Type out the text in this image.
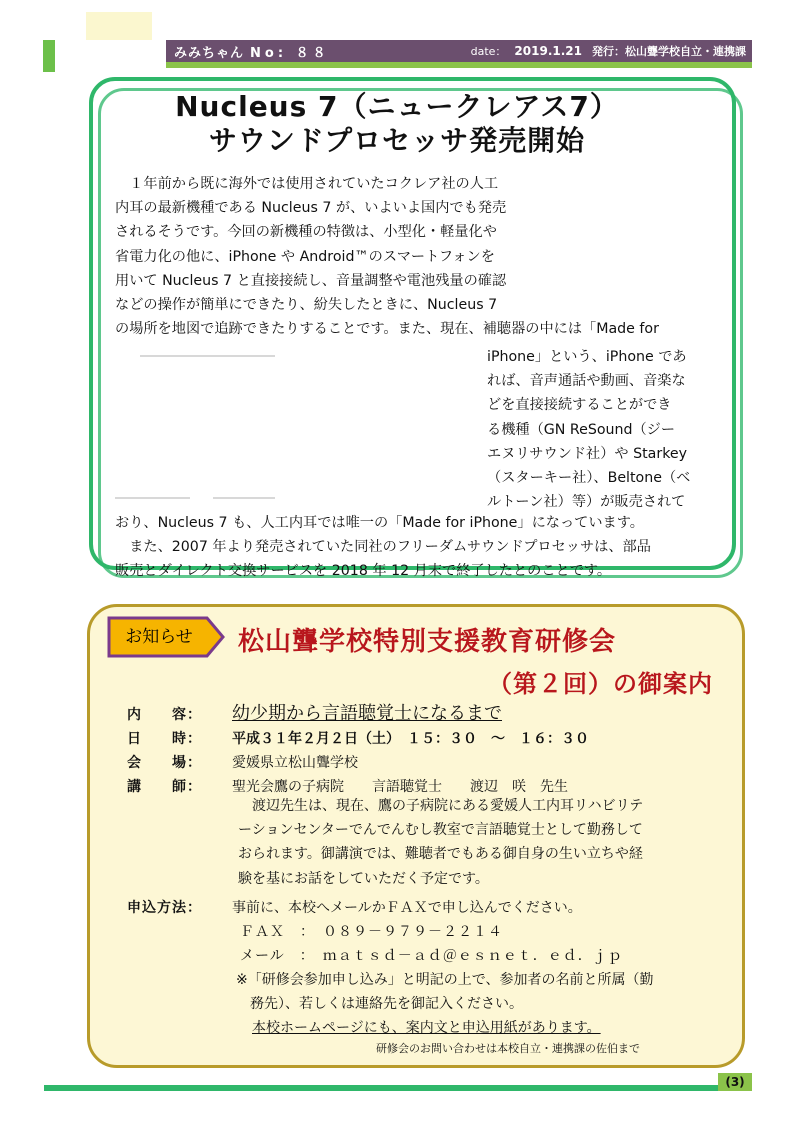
みみちゃん No: ８８	date： 2019.1.21 発行：松山聾学校自立・連携課
Nucleus 7（ニュークレアス7）
サウンドプロセッサ発売開始

　１年前から既に海外では使用されていたコクレア社の人工

内耳の最新機種である Nucleus 7 が、いよいよ国内でも発売

されるそうです。今回の新機種の特徴は、小型化・軽量化や

省電力化の他に、iPhone や Android™のスマートフォンを

用いて Nucleus 7 と直接接続し、音量調整や電池残量の確認

などの操作が簡単にできたり、紛失したときに、Nucleus 7

の場所を地図で追跡できたりすることです。また、現在、補聴器の中には「Made for

iPhone」という、iPhone であ
れば、音声通話や動画、音楽な
どを直接接続することができ
る機種（GN ReSound（ジー
エヌリサウンド社）や Starkey
（スターキー社）、Beltone（ベ
ルトーン社）等）が販売されて
おり、Nucleus 7 も、人工内耳では唯一の「Made for iPhone」になっています。
　また、2007 年より発売されていた同社のフリーダムサウンドプロセッサは、部品
販売とダイレクト交換サービスを 2018 年 12 月末で終了したとのことです。
お知らせ	松山聾学校特別支援教育研修会
（第２回）の御案内
内　　容： 幼少期から言語聴覚士になるまで
日　　時： 平成３１年２月２日（土）　１５：３０　～　１６：３０
会　　場： 愛媛県立松山聾学校
講　　師： 聖光会鷹の子病院　　言語聴覚士　　渡辺　咲　先生

　渡辺先生は、現在、鷹の子病院にある愛媛人工内耳リハビリテ

ーションセンターでんでんむし教室で言語聴覚士として勤務して

おられます。御講演では、難聴者でもある御自身の生い立ちや経

験を基にお話をしていただく予定です。

申込方法： 事前に、本校へメールかＦＡＸで申し込んでください。
ＦＡＸ　：　０８９－９７９－２２１４
メール　：　ｍａｔｓｄ－ａｄ＠ｅｓｎｅｔ．ｅｄ．ｊｐ
※「研修会参加申し込み」と明記の上で、参加者の名前と所属（勤
務先）、若しくは連絡先を御記入ください。
本校ホームページにも、案内文と申込用紙があります。
研修会のお問い合わせは本校自立・連携課の佐伯まで
(3)
